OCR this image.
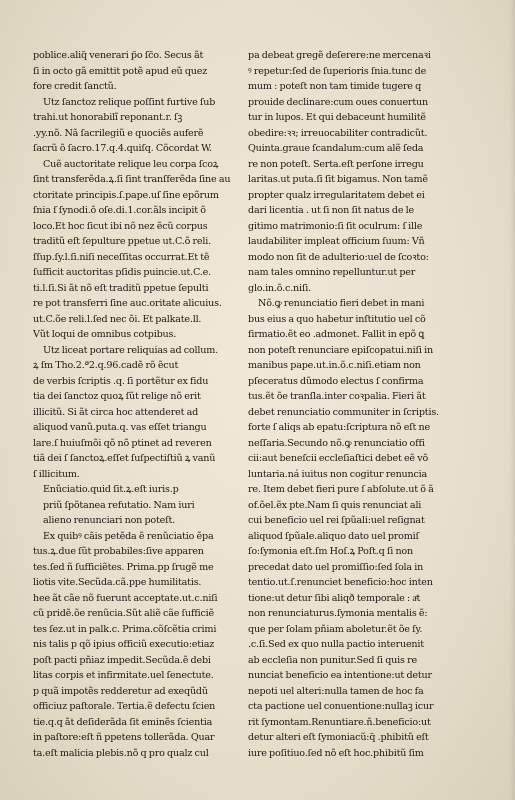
poblice.aliq̃ venerari p̃o ſc̃o. Secus ãt
ſi in octo gã emittit potẽ apud eũ quez
fore credit ſanctũ.
Utz ſanctoz relique poſſint furtive ſub
trahi.ut honorabilĩ reponant.r. ſꝫ
.yy.nõ. Nã ſacrilegiũ e quociẽs auferẽ
ſacrũ õ ſacro.17.q.4.quiſq. Cõcordat W.
Cuẽ auctoritate relique leu corpa ſcoꝝ
ſint transferẽda.ꝝ.ſi ſint tranſferẽda ſine au
ctoritate principis.ſ.pape.uſ ſine epõrum
ſnia ſ ſynodi.õ oſe.di.1.cor.ãls incipit õ
loco.Et hoc ſicut ibi nõ nez ẽcũ corpus
traditũ eſt ſepulture ppetue ut.C.õ reli.
ſſup.ſy.l.ſi.niſi neceſſitas occurrat.Et tẽ
ſufficit auctoritas pſidis puincie.ut.C.e.
ti.l.ſi.Si ãt nõ eſt traditũ ppetue ſepulti
re pot transferri ſine auc.oritate alicuius.
ut.C.õe reli.l.ſed nec õi. Et palkate.ll.
Vũt loqui de omnibus cotpibus.
Utz liceat portare reliquias ad collum.
ꝝ ſm Tho.2.ª2.q.96.cadẽ rõ ẽcut
de verbis ſcriptis .q. ſi portẽtur ex fidu
tia dei ſanctoz quoꝝ ſũt relige nõ erit
illicitũ. Si ãt circa hoc attenderet ad
aliquod vanũ.puta.q. vas eſſet triangu
lare.ſ huiuſmõi qõ nõ ptinet ad reveren
tiã dei ſ ſanctoꝝ.eſſet ſuſpectiſtiũ ꝝ vanũ
ſ illicitum.
Enũciatio.quid ſit.ꝝ.eſt iuris.p
priũ ſpõtanea refutatio. Nam iuri
alieno renunciari non poteſt.
Ex quibꝰ cãis petẽda ẽ renũciatio ẽpa
tus.ꝝ.due ſũt probabiles:ſive apparen
tes.ſed ñ ſufficiẽtes. Prima.pp ſrugẽ me
liotis vite.Secũda.cã.ppe humilitatis.
hee ãt cãe nõ fuerunt acceptate.ut.c.niſi
cũ pridẽ.õe renũcia.Sũt aliẽ cãe ſufficiẽ
tes ſez.ut in palk.c. Prima.cõſcẽtia crimi
nis talis p qõ ipius officiũ executio:etiaz
poſt pacti pñiaz impedit.Secũda.ẽ debi
litas corpis et infirmitate.uel ſenectute.
p quã impotẽs redderetur ad exeqũdũ
officiuz paſtorale. Tertia.ẽ defectu ſcien
tie.q.q ãt deſiderãda ſit eminẽs ſcientia
in paſtore:eſt ñ ppetens tollerãda. Quar
ta.eſt malicia plebis.nõ q pro qualz cul
pa debeat gregẽ deſerere:ne mercenaꝛi
ꝰ repetur:ſed de ſuperioris ſnia.tunc de
mum : poteſt non tam timide tugere q
prouide declinare:cum oues conuertun
tur in lupos. Et qui debaceunt humilitẽ
obedire:ꝛꝛ; irreuocabiliter contradicũt.
Quinta.graue ſcandalum:cum alẽ ſeda
re non poteſt. Serta.eſt perſone irregu
laritas.ut puta.ſi ſit bigamus. Non tamẽ
propter qualz irregularitatem debet ei
dari licentia . ut ſi non ſit natus de le
gitimo matrimonio:ſi ſit oculrum: ſ ille
laudabiliter impleat officium ſuum: Vñ
modo non ſit de adulterio:uel de ſcoꝛto:
nam tales omnino repelluntur.ut per
glo.in.õ.c.niſi.
Nõ.ꝙ renunciatio fieri debet in mani
bus eius a quo habetur inſtitutio uel cõ
firmatio.ẽt eo .admonet. Fallit in epõ ꝗ
non poteſt renunciare epiſcopatui.niſi in
manibus pape.ut.in.õ.c.niſi.etiam non
pſeceratus dũmodo electus ſ confirma
tus.ẽt õe tranſla.inter coꝛpalia. Fieri ãt
debet renunciatio communiter in ſcriptis.
forte ſ aliqs ab epatu:ſcriptura nõ eſt ne
neſſaria.Secundo nõ.ꝙ renunciatio offi
cii:aut beneſcii eccleſiaſtici debet eẽ võ
luntaria.ná iuitus non cogitur renuncia
re. Item debet fieri pure ſ abſolute.ut õ ã
of.õel.ẽx pte.Nam ſi quis renunciat ali
cui beneficio uel rei ſpũali:uel reſignat
aliquod ſpũale.aliquo dato uel promiſ
ſo:ſymonia eſt.ſm Hoſ.ꝝ Poſt.q ſi non
precedat dato uel promiſſio:ſed ſola in
tentio.ut.ſ.renunciet beneficio:hoc inten
tione:ut detur ſibi aliqð temporale : aͤt
non renunciaturus.ſymonia mentalis ẽ:
que per ſolam pñiam aboletur.ẽt õe ſy.
.c.ſi.Sed ex quo nulla pactio interuenit
ab eccleſia non punitur.Sed ſi quis re
nunciat beneficio ea intentione:ut detur
nepoti uel alteri:nulla tamen de hoc fa
cta pactione uel conuentione:nullaꝫ icur
rit ſymontam.Renuntiare.ñ.beneficio:ut
detur alteri eſt ſymoniacũ:q̃ .phibitũ eſt
iure poſitiuo.ſed nõ eſt hoc.phibitũ ſim
